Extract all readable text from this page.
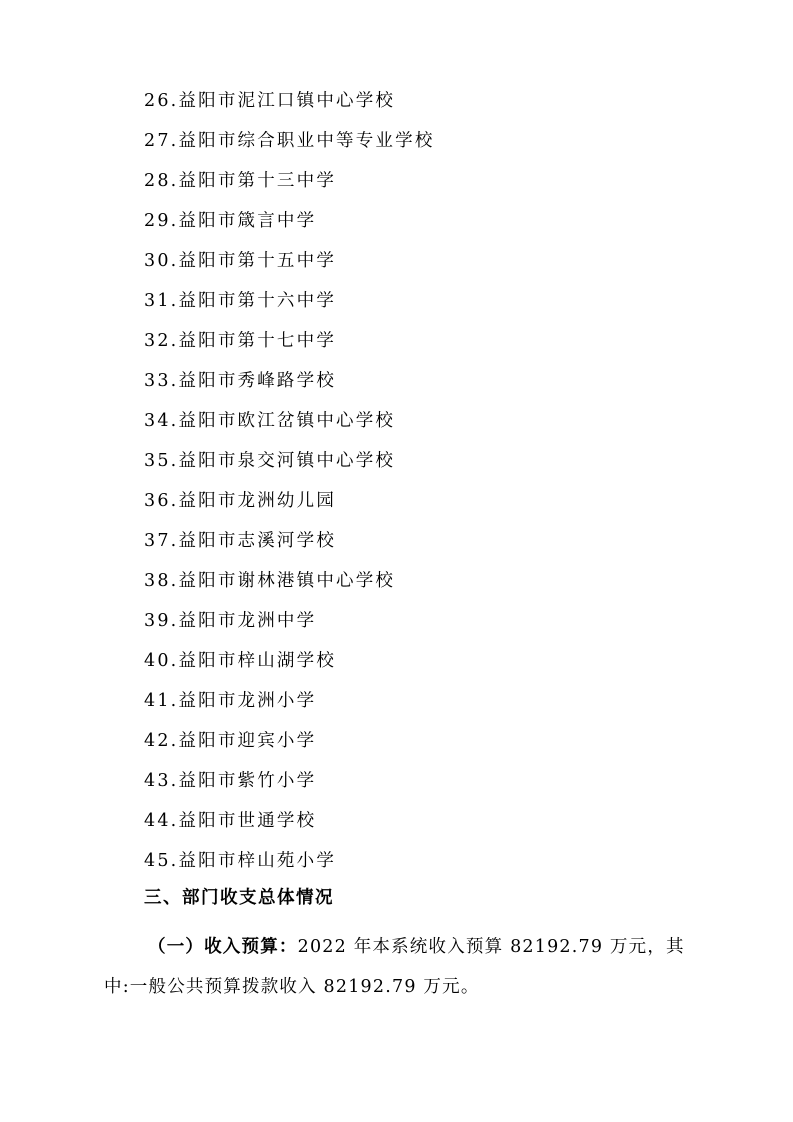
26.益阳市泥江口镇中心学校
27.益阳市综合职业中等专业学校
28.益阳市第十三中学
29.益阳市箴言中学
30.益阳市第十五中学
31.益阳市第十六中学
32.益阳市第十七中学
33.益阳市秀峰路学校
34.益阳市欧江岔镇中心学校
35.益阳市泉交河镇中心学校
36.益阳市龙洲幼儿园
37.益阳市志溪河学校
38.益阳市谢林港镇中心学校
39.益阳市龙洲中学
40.益阳市梓山湖学校
41.益阳市龙洲小学
42.益阳市迎宾小学
43.益阳市紫竹小学
44.益阳市世通学校
45.益阳市梓山苑小学
三、部门收支总体情况
（一）收入预算：2022 年本系统收入预算 82192.79 万元，其
中:一般公共预算拨款收入 82192.79 万元。
